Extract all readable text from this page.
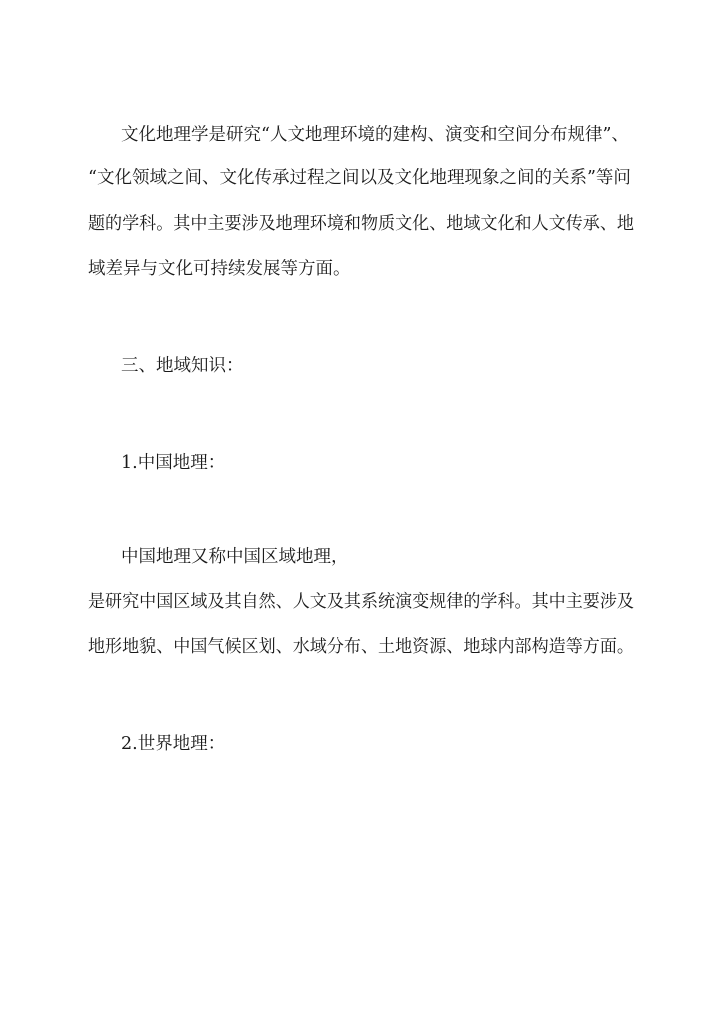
文化地理学是研究“人文地理环境的建构、演变和空间分布规律”、
“文化领域之间、文化传承过程之间以及文化地理现象之间的关系”等问
题的学科。其中主要涉及地理环境和物质文化、地域文化和人文传承、地
域差异与文化可持续发展等方面。
三、地域知识：
1.中国地理：
中国地理又称中国区域地理，
是研究中国区域及其自然、人文及其系统演变规律的学科。其中主要涉及
地形地貌、中国气候区划、水域分布、土地资源、地球内部构造等方面。
2.世界地理：
